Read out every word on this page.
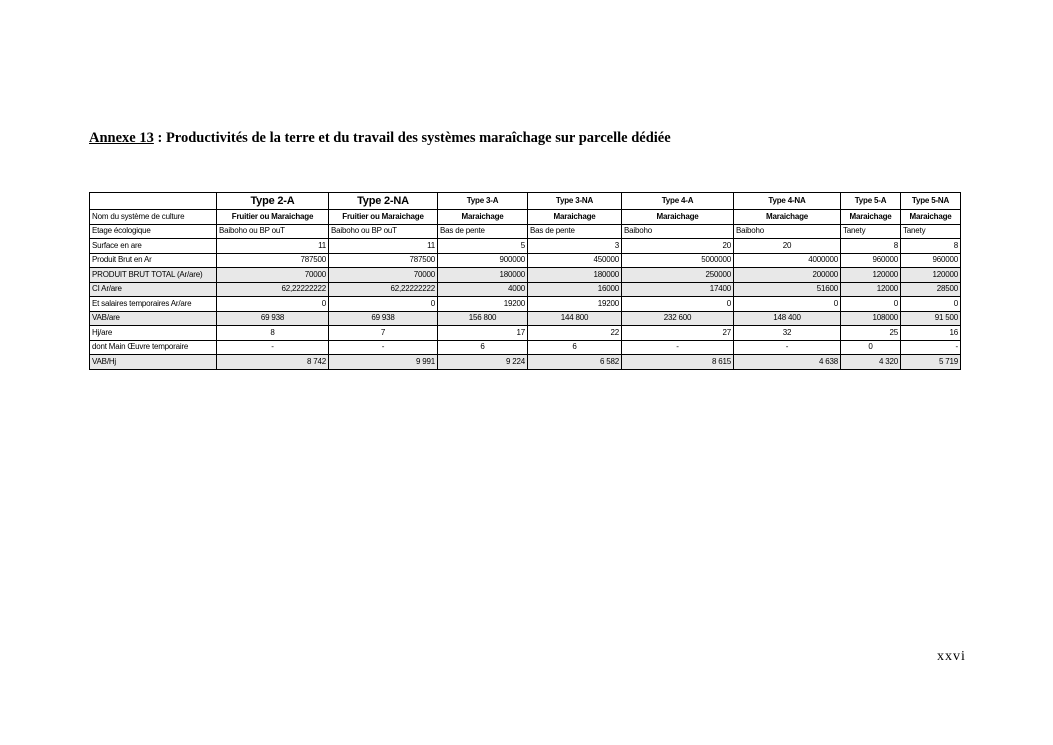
Annexe 13 : Productivités de la terre et du travail des systèmes maraîchage sur parcelle dédiée
	Type 2-A	Type 2-NA	Type 3-A	Type 3-NA	Type 4-A	Type 4-NA	Type 5-A	Type 5-NA
Nom du système de culture	Fruitier ou Maraichage	Fruitier ou Maraichage	Maraichage	Maraichage	Maraichage	Maraichage	Maraichage	Maraichage
Etage écologique	Baiboho ou BP ouT	Baiboho ou BP ouT	Bas de pente	Bas de pente	Baiboho	Baiboho	Tanety	Tanety
Surface en are	11	11	5	3	20	20	8	8
Produit Brut en Ar	787500	787500	900000	450000	5000000	4000000	960000	960000
PRODUIT BRUT TOTAL (Ar/are)	70000	70000	180000	180000	250000	200000	120000	120000
CI Ar/are	62,22222222	62,22222222	4000	16000	17400	51600	12000	28500
Et salaires temporaires Ar/are	0	0	19200	19200	0	0	0	0
VAB/are	69 938	69 938	156 800	144 800	232 600	148 400	108000	91 500
Hj/are	8	7	17	22	27	32	25	16
dont Main Œuvre temporaire	-	-	6	6	-	-	0	-
VAB/Hj	8 742	9 991	9 224	6 582	8 615	4 638	4 320	5 719
xxvi
